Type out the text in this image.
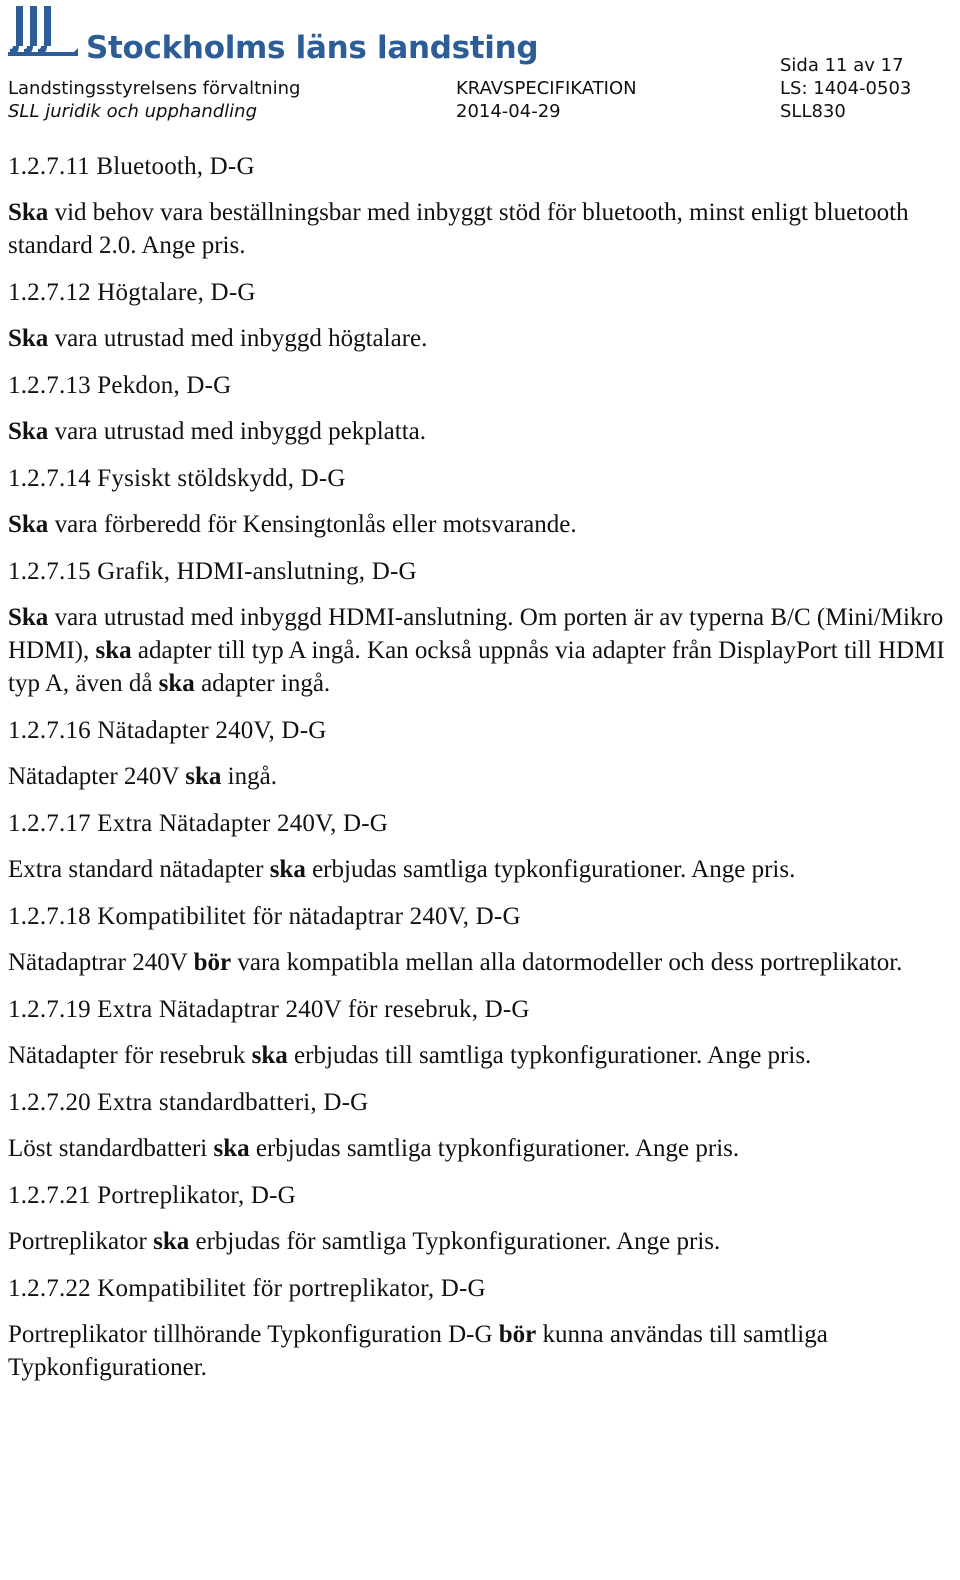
Stockholms läns landsting
Landstingsstyrelsens förvaltning
SLL juridik och upphandling
KRAVSPECIFIKATION
2014-04-29
Sida 11 av 17
LS: 1404-0503
SLL830
1.2.7.11 Bluetooth, D-G
Ska vid behov vara beställningsbar med inbyggt stöd för bluetooth, minst enligt bluetooth standard 2.0. Ange pris.
1.2.7.12 Högtalare, D-G
Ska vara utrustad med inbyggd högtalare.
1.2.7.13 Pekdon, D-G
Ska vara utrustad med inbyggd pekplatta.
1.2.7.14 Fysiskt stöldskydd, D-G
Ska vara förberedd för Kensingtonlås eller motsvarande.
1.2.7.15 Grafik, HDMI-anslutning, D-G
Ska vara utrustad med inbyggd HDMI-anslutning. Om porten är av typerna B/C (Mini/Mikro HDMI), ska adapter till typ A ingå. Kan också uppnås via adapter från DisplayPort till HDMI typ A, även då ska adapter ingå.
1.2.7.16 Nätadapter 240V, D-G
Nätadapter 240V ska ingå.
1.2.7.17 Extra Nätadapter 240V, D-G
Extra standard nätadapter ska erbjudas samtliga typkonfigurationer. Ange pris.
1.2.7.18 Kompatibilitet för nätadaptrar 240V, D-G
Nätadaptrar 240V bör vara kompatibla mellan alla datormodeller och dess portreplikator.
1.2.7.19 Extra Nätadaptrar 240V för resebruk, D-G
Nätadapter för resebruk ska erbjudas till samtliga typkonfigurationer. Ange pris.
1.2.7.20 Extra standardbatteri, D-G
Löst standardbatteri ska erbjudas samtliga typkonfigurationer. Ange pris.
1.2.7.21 Portreplikator, D-G
Portreplikator ska erbjudas för samtliga Typkonfigurationer. Ange pris.
1.2.7.22 Kompatibilitet för portreplikator, D-G
Portreplikator tillhörande Typkonfiguration D-G bör kunna användas till samtliga Typkonfigurationer.
